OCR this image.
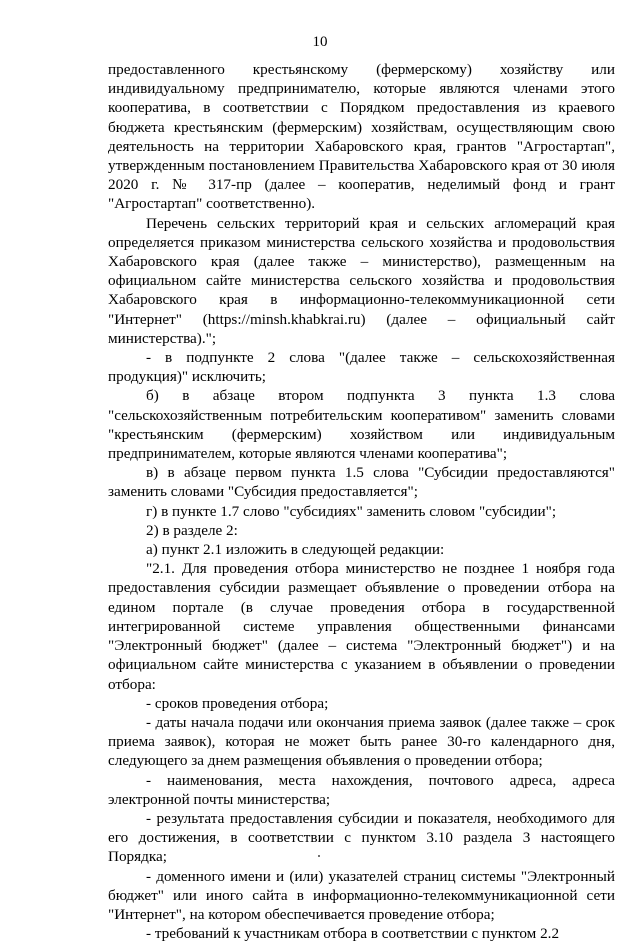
10

предоставленного крестьянскому (фермерскому) хозяйству или индивидуальному предпринимателю, которые являются членами этого кооператива, в соответствии с Порядком предоставления из краевого бюджета крестьянским (фермерским) хозяйствам, осуществляющим свою деятельность на территории Хабаровского края, грантов "Агростартап", утвержденным постановлением Правительства Хабаровского края от 30 июля 2020 г. № 317-пр (далее – кооператив, неделимый фонд и грант "Агростартап" соответственно).

Перечень сельских территорий края и сельских агломераций края определяется приказом министерства сельского хозяйства и продовольствия Хабаровского края (далее также – министерство), размещенным на официальном сайте министерства сельского хозяйства и продовольствия Хабаровского края в информационно-телекоммуникационной сети "Интернет" (https://minsh.khabkrai.ru) (далее – официальный сайт министерства).";

- в подпункте 2 слова "(далее также – сельскохозяйственная продукция)" исключить;

б) в абзаце втором подпункта 3 пункта 1.3 слова "сельскохозяйственным потребительским кооперативом" заменить словами "крестьянским (фермерским) хозяйством или индивидуальным предпринимателем, которые являются членами кооператива";

в) в абзаце первом пункта 1.5 слова "Субсидии предоставляются" заменить словами "Субсидия предоставляется";

г) в пункте 1.7 слово "субсидиях" заменить словом "субсидии";

2) в разделе 2:

а) пункт 2.1 изложить в следующей редакции:

"2.1. Для проведения отбора министерство не позднее 1 ноября года предоставления субсидии размещает объявление о проведении отбора на едином портале (в случае проведения отбора в государственной интегрированной системе управления общественными финансами "Электронный бюджет" (далее – система "Электронный бюджет") и на официальном сайте министерства с указанием в объявлении о проведении отбора:

- сроков проведения отбора;

- даты начала подачи или окончания приема заявок (далее также – срок приема заявок), которая не может быть ранее 30-го календарного дня, следующего за днем размещения объявления о проведении отбора;

- наименования, места нахождения, почтового адреса, адреса электронной почты министерства;

- результата предоставления субсидии и показателя, необходимого для его достижения, в соответствии с пунктом 3.10 раздела 3 настоящего Порядка;

- доменного имени и (или) указателей страниц системы "Электронный бюджет" или иного сайта в информационно-телекоммуникационной сети "Интернет", на котором обеспечивается проведение отбора;

- требований к участникам отбора в соответствии с пунктом 2.2
